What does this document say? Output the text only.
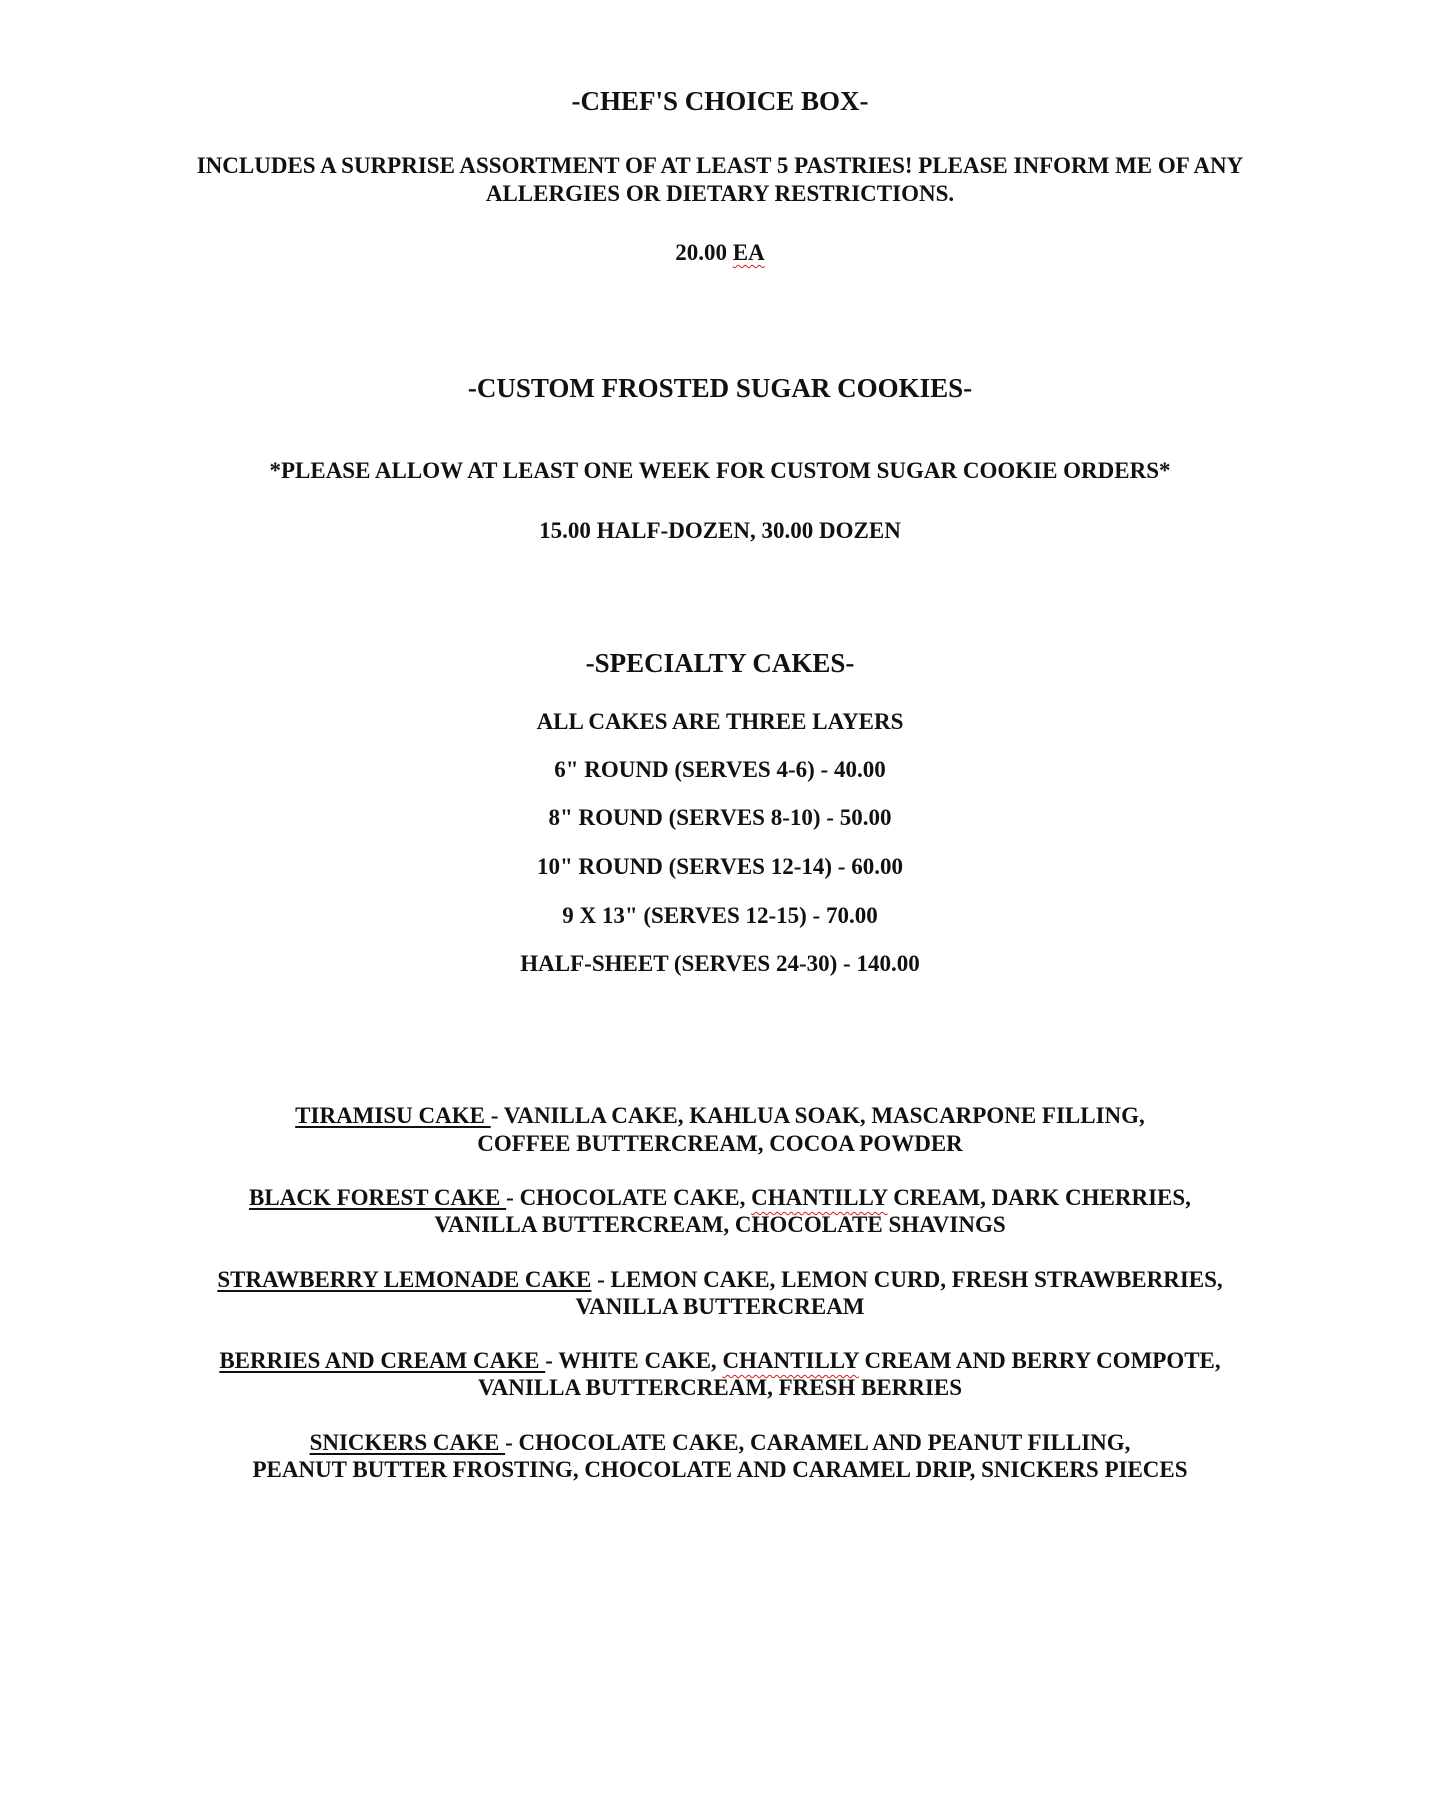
-CHEF'S CHOICE BOX-
INCLUDES A SURPRISE ASSORTMENT OF AT LEAST 5 PASTRIES! PLEASE INFORM ME OF ANY
ALLERGIES OR DIETARY RESTRICTIONS.
20.00 EA
-CUSTOM FROSTED SUGAR COOKIES-
*PLEASE ALLOW AT LEAST ONE WEEK FOR CUSTOM SUGAR COOKIE ORDERS*
15.00 HALF-DOZEN, 30.00 DOZEN
-SPECIALTY CAKES-
ALL CAKES ARE THREE LAYERS
6" ROUND (SERVES 4-6) - 40.00
8" ROUND (SERVES 8-10) - 50.00
10" ROUND (SERVES 12-14) - 60.00
9 X 13" (SERVES 12-15) - 70.00
HALF-SHEET (SERVES 24-30) - 140.00
TIRAMISU CAKE - VANILLA CAKE, KAHLUA SOAK, MASCARPONE FILLING,
COFFEE BUTTERCREAM, COCOA POWDER
BLACK FOREST CAKE - CHOCOLATE CAKE, CHANTILLY CREAM, DARK CHERRIES,
VANILLA BUTTERCREAM, CHOCOLATE SHAVINGS
STRAWBERRY LEMONADE CAKE - LEMON CAKE, LEMON CURD, FRESH STRAWBERRIES,
VANILLA BUTTERCREAM
BERRIES AND CREAM CAKE - WHITE CAKE, CHANTILLY CREAM AND BERRY COMPOTE,
VANILLA BUTTERCREAM, FRESH BERRIES
SNICKERS CAKE - CHOCOLATE CAKE, CARAMEL AND PEANUT FILLING,
PEANUT BUTTER FROSTING, CHOCOLATE AND CARAMEL DRIP, SNICKERS PIECES
